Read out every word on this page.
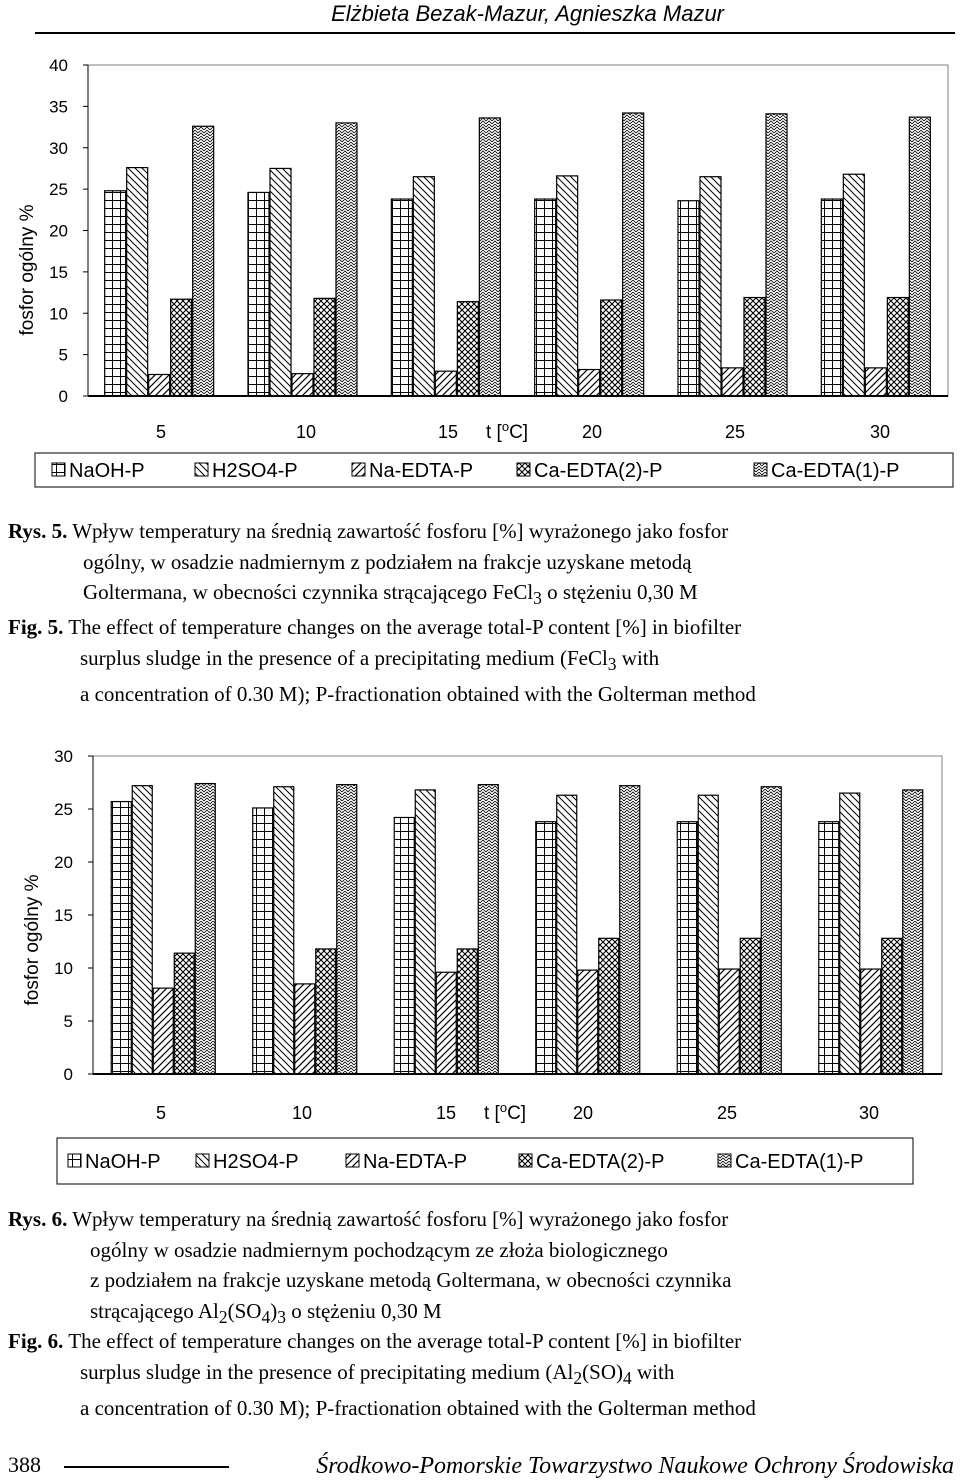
Elżbieta Bezak-Mazur, Agnieszka Mazur
0
5
10
15
20
25
30
35
40
5	10	15	20	25	30
t [$^o$C]
fosfor ogólny %
NaOH-P	H2SO4-P	Na-EDTA-P	Ca-EDTA(2)-P	Ca-EDTA(1)-P
Rys. 5. Wpływ temperatury na średnią zawartość fosforu [%] wyrażonego jako fosfor
ogólny, w osadzie nadmiernym z podziałem na frakcje uzyskane metodą
Goltermana, w obecności czynnika strącającego FeCl$_3$ o stężeniu 0,30 M
Fig. 5. The effect of temperature changes on the average total-P content [%] in biofilter
surplus sludge in the presence of a precipitating medium (FeCl$_3$ with
a concentration of 0.30 M); P-fractionation obtained with the Golterman method
0
5
10
15
20
25
30
5	10	15	20	25	30
t [$^o$C]
fosfor ogólny %
NaOH-P	H2SO4-P	Na-EDTA-P	Ca-EDTA(2)-P	Ca-EDTA(1)-P
Rys. 6. Wpływ temperatury na średnią zawartość fosforu [%] wyrażonego jako fosfor
ogólny w osadzie nadmiernym pochodzącym ze złoża biologicznego
z podziałem na frakcje uzyskane metodą Goltermana, w obecności czynnika
strącającego $Al_2(SO_4)_3$ o stężeniu 0,30 M
Fig. 6. The effect of temperature changes on the average total-P content [%] in biofilter
surplus sludge in the presence of precipitating medium ($Al_2(SO)_4$ with
a concentration of 0.30 M); P-fractionation obtained with the Golterman method
388	Środkowo-Pomorskie Towarzystwo Naukowe Ochrony Środowiska
